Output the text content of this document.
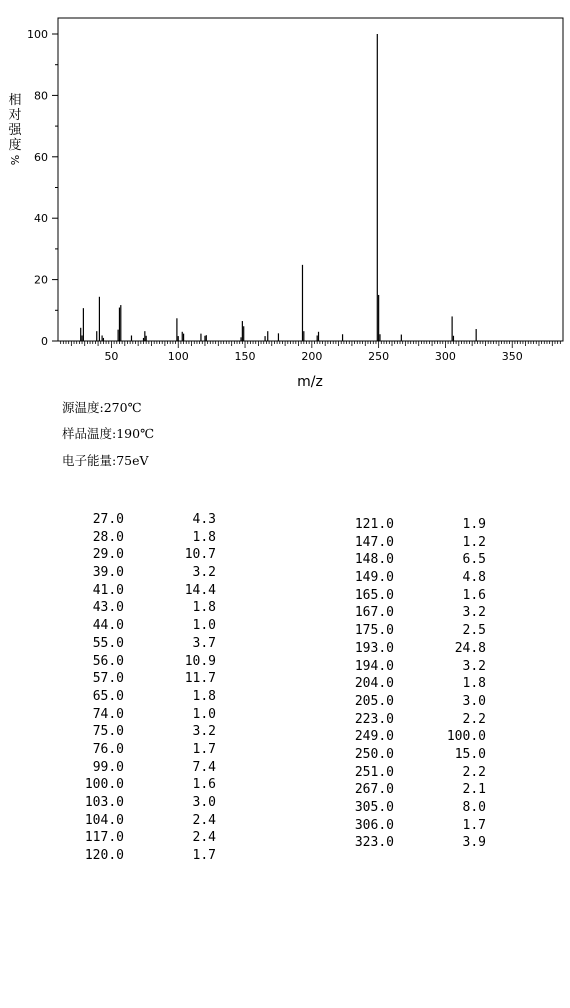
0
20
40
60
80
100
50	100	150	200	250	300	350
相
对
强
度
%
m/z
源温度:270℃
样品温度:190℃
电子能量:75eV
27.0	4.3
28.0	1.8
29.0	10.7
39.0	3.2
41.0	14.4
43.0	1.8
44.0	1.0
55.0	3.7
56.0	10.9
57.0	11.7
65.0	1.8
74.0	1.0
75.0	3.2
76.0	1.7
99.0	7.4
100.0	1.6
103.0	3.0
104.0	2.4
117.0	2.4
120.0	1.7
121.0	1.9
147.0	1.2
148.0	6.5
149.0	4.8
165.0	1.6
167.0	3.2
175.0	2.5
193.0	24.8
194.0	3.2
204.0	1.8
205.0	3.0
223.0	2.2
249.0	100.0
250.0	15.0
251.0	2.2
267.0	2.1
305.0	8.0
306.0	1.7
323.0	3.9
